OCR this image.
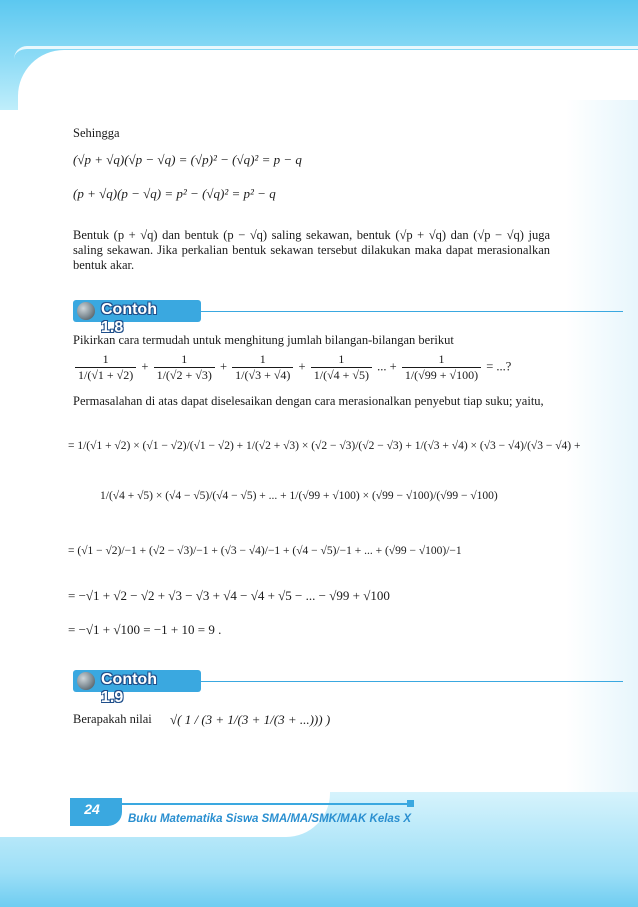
Sehingga
(√p + √q)(√p − √q) = (√p)² − (√q)² = p − q
(p + √q)(p − √q) = p² − (√q)² = p² − q
Bentuk (p + √q) dan bentuk (p − √q) saling sekawan, bentuk (√p + √q) dan (√p − √q) juga saling sekawan. Jika perkalian bentuk sekawan tersebut dilakukan maka dapat merasionalkan bentuk akar.
Contoh 1.8
Pikirkan cara termudah untuk menghitung jumlah bilangan-bilangan berikut
$\frac{1}{1/(√1 + √2)} + \frac{1}{1/(√2 + √3)} + \frac{1}{1/(√3 + √4)} + \frac{1}{1/(√4 + √5)}$ ... + $\frac{1}{1/(√99 + √100)}$ = ...?
Permasalahan di atas dapat diselesaikan dengan cara merasionalkan penyebut tiap suku; yaitu,
= 1/(√1 + √2) × (√1 − √2)/(√1 − √2) + 1/(√2 + √3) × (√2 − √3)/(√2 − √3) + 1/(√3 + √4) × (√3 − √4)/(√3 − √4) +
1/(√4 + √5) × (√4 − √5)/(√4 − √5) + ... + 1/(√99 + √100) × (√99 − √100)/(√99 − √100)
= (√1 − √2)/−1 + (√2 − √3)/−1 + (√3 − √4)/−1 + (√4 − √5)/−1 + ... + (√99 − √100)/−1
= −√1 + √2 − √2 + √3 − √3 + √4 − √4 + √5 − ... − √99 + √100
= −√1 + √100 = −1 + 10 = 9 .
Contoh 1.9
Berapakah nilai √( 1 / (3 + 1/(3 + 1/(3 + ...))) )
24
Buku Matematika Siswa SMA/MA/SMK/MAK Kelas X
